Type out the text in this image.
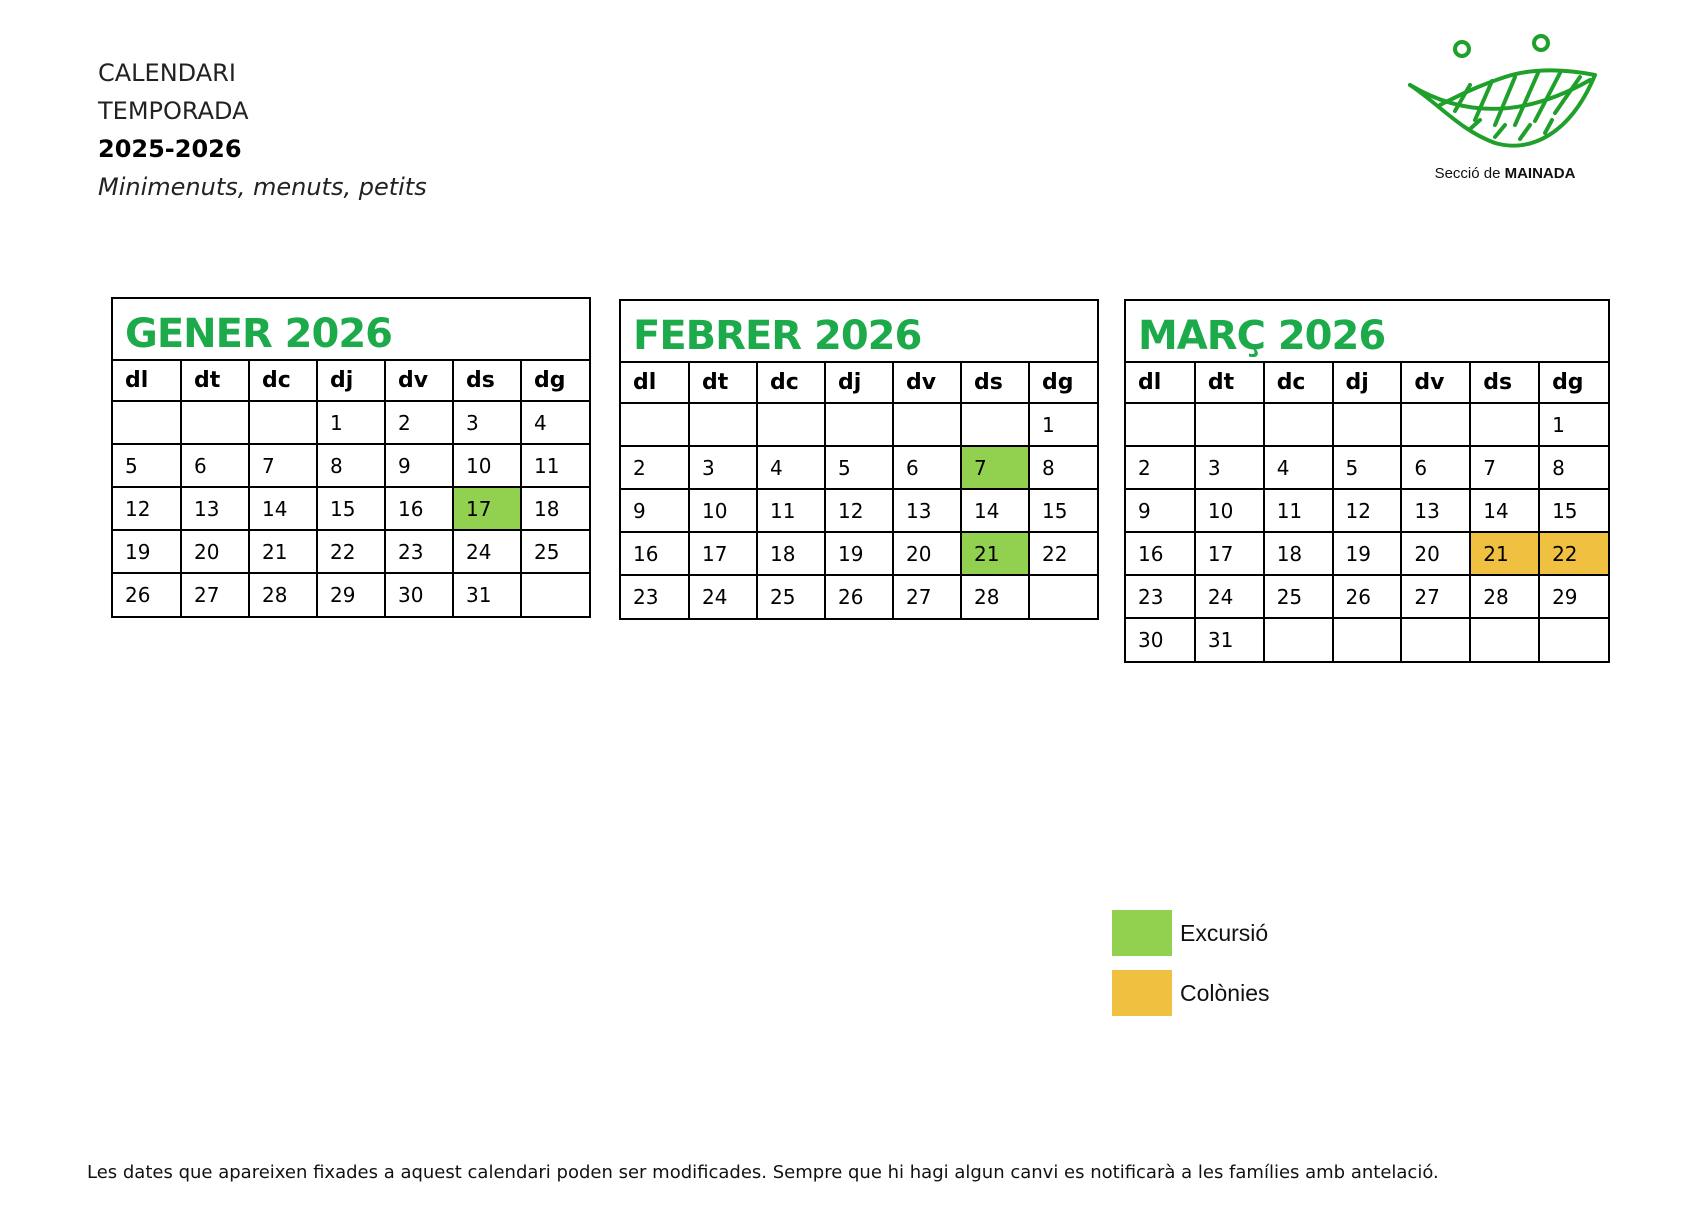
CALENDARI
TEMPORADA
2025-2026
Minimenuts, menuts, petits	Secció de MAINADA
GENER 2026
dl	dt	dc	dj	dv	ds	dg
			1	2	3	4
5	6	7	8	9	10	11
12	13	14	15	16	17	18
19	20	21	22	23	24	25
26	27	28	29	30	31	
FEBRER 2026
dl	dt	dc	dj	dv	ds	dg
						1
2	3	4	5	6	7	8
9	10	11	12	13	14	15
16	17	18	19	20	21	22
23	24	25	26	27	28	
MARÇ 2026
dl	dt	dc	dj	dv	ds	dg
						1
2	3	4	5	6	7	8
9	10	11	12	13	14	15
16	17	18	19	20	21	22
23	24	25	26	27	28	29
30	31					
Excursió
Colònies
Les dates que apareixen fixades a aquest calendari poden ser modificades. Sempre que hi hagi algun canvi es notificarà a les famílies amb antelació.
